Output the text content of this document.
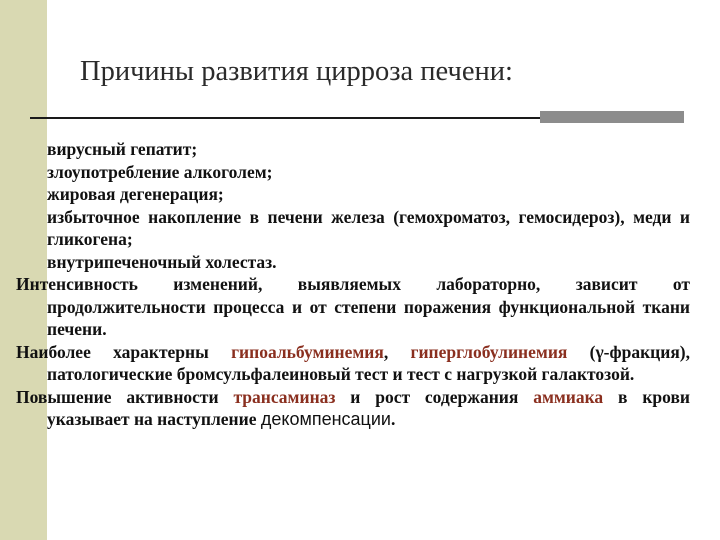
Причины развития цирроза печени:
вирусный гепатит;
злоупотребление алкоголем;
жировая дегенерация;
избыточное накопление в печени железа (гемохроматоз, гемосидероз), меди и гликогена;
внутрипеченочный холестаз.
Интенсивность изменений, выявляемых лабораторно, зависит от продолжительности процесса и от степени поражения функциональной ткани печени.
Наиболее характерны гипоальбуминемия, гиперглобулинемия (γ-фракция), патологические бромсульфалеиновый тест и тест с нагрузкой галактозой.
Повышение активности трансаминаз и рост содержания аммиака в крови указывает на наступление декомпенсации.
